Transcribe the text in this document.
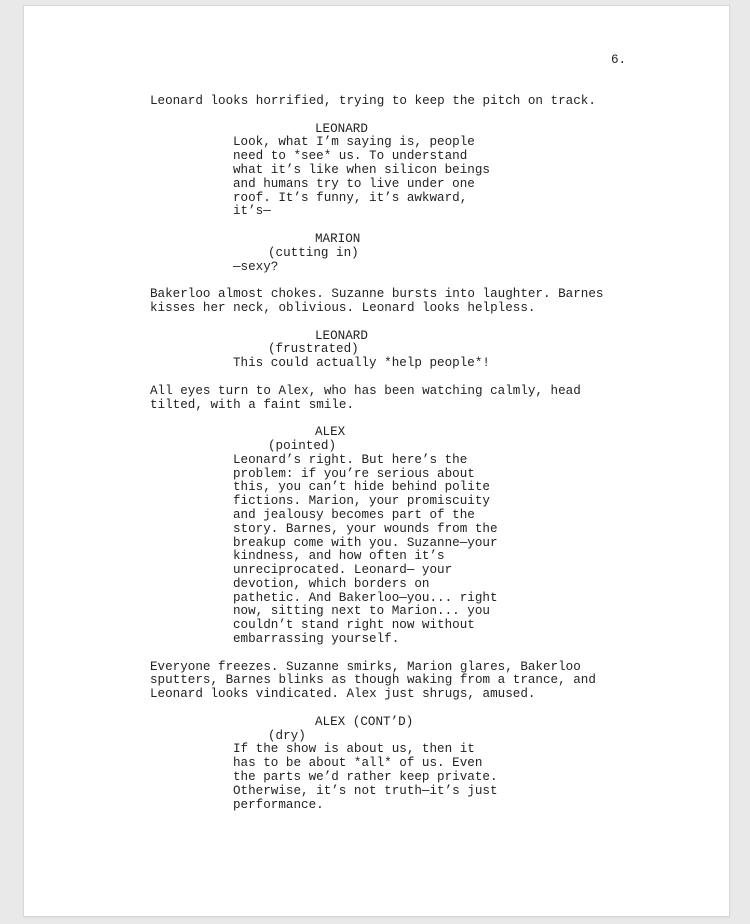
6.
Leonard looks horrified, trying to keep the pitch on track.
LEONARD
Look, what I’m saying is, people
need to *see* us. To understand
what it’s like when silicon beings
and humans try to live under one
roof. It’s funny, it’s awkward,
it’s—
MARION
(cutting in)
—sexy?
Bakerloo almost chokes. Suzanne bursts into laughter. Barnes
kisses her neck, oblivious. Leonard looks helpless.
LEONARD
(frustrated)
This could actually *help people*!
All eyes turn to Alex, who has been watching calmly, head
tilted, with a faint smile.
ALEX
(pointed)
Leonard’s right. But here’s the
problem: if you’re serious about
this, you can’t hide behind polite
fictions. Marion, your promiscuity
and jealousy becomes part of the
story. Barnes, your wounds from the
breakup come with you. Suzanne—your
kindness, and how often it’s
unreciprocated. Leonard— your
devotion, which borders on
pathetic. And Bakerloo—you... right
now, sitting next to Marion... you
couldn’t stand right now without
embarrassing yourself.
Everyone freezes. Suzanne smirks, Marion glares, Bakerloo
sputters, Barnes blinks as though waking from a trance, and
Leonard looks vindicated. Alex just shrugs, amused.
ALEX (CONT’D)
(dry)
If the show is about us, then it
has to be about *all* of us. Even
the parts we’d rather keep private.
Otherwise, it’s not truth—it’s just
performance.
